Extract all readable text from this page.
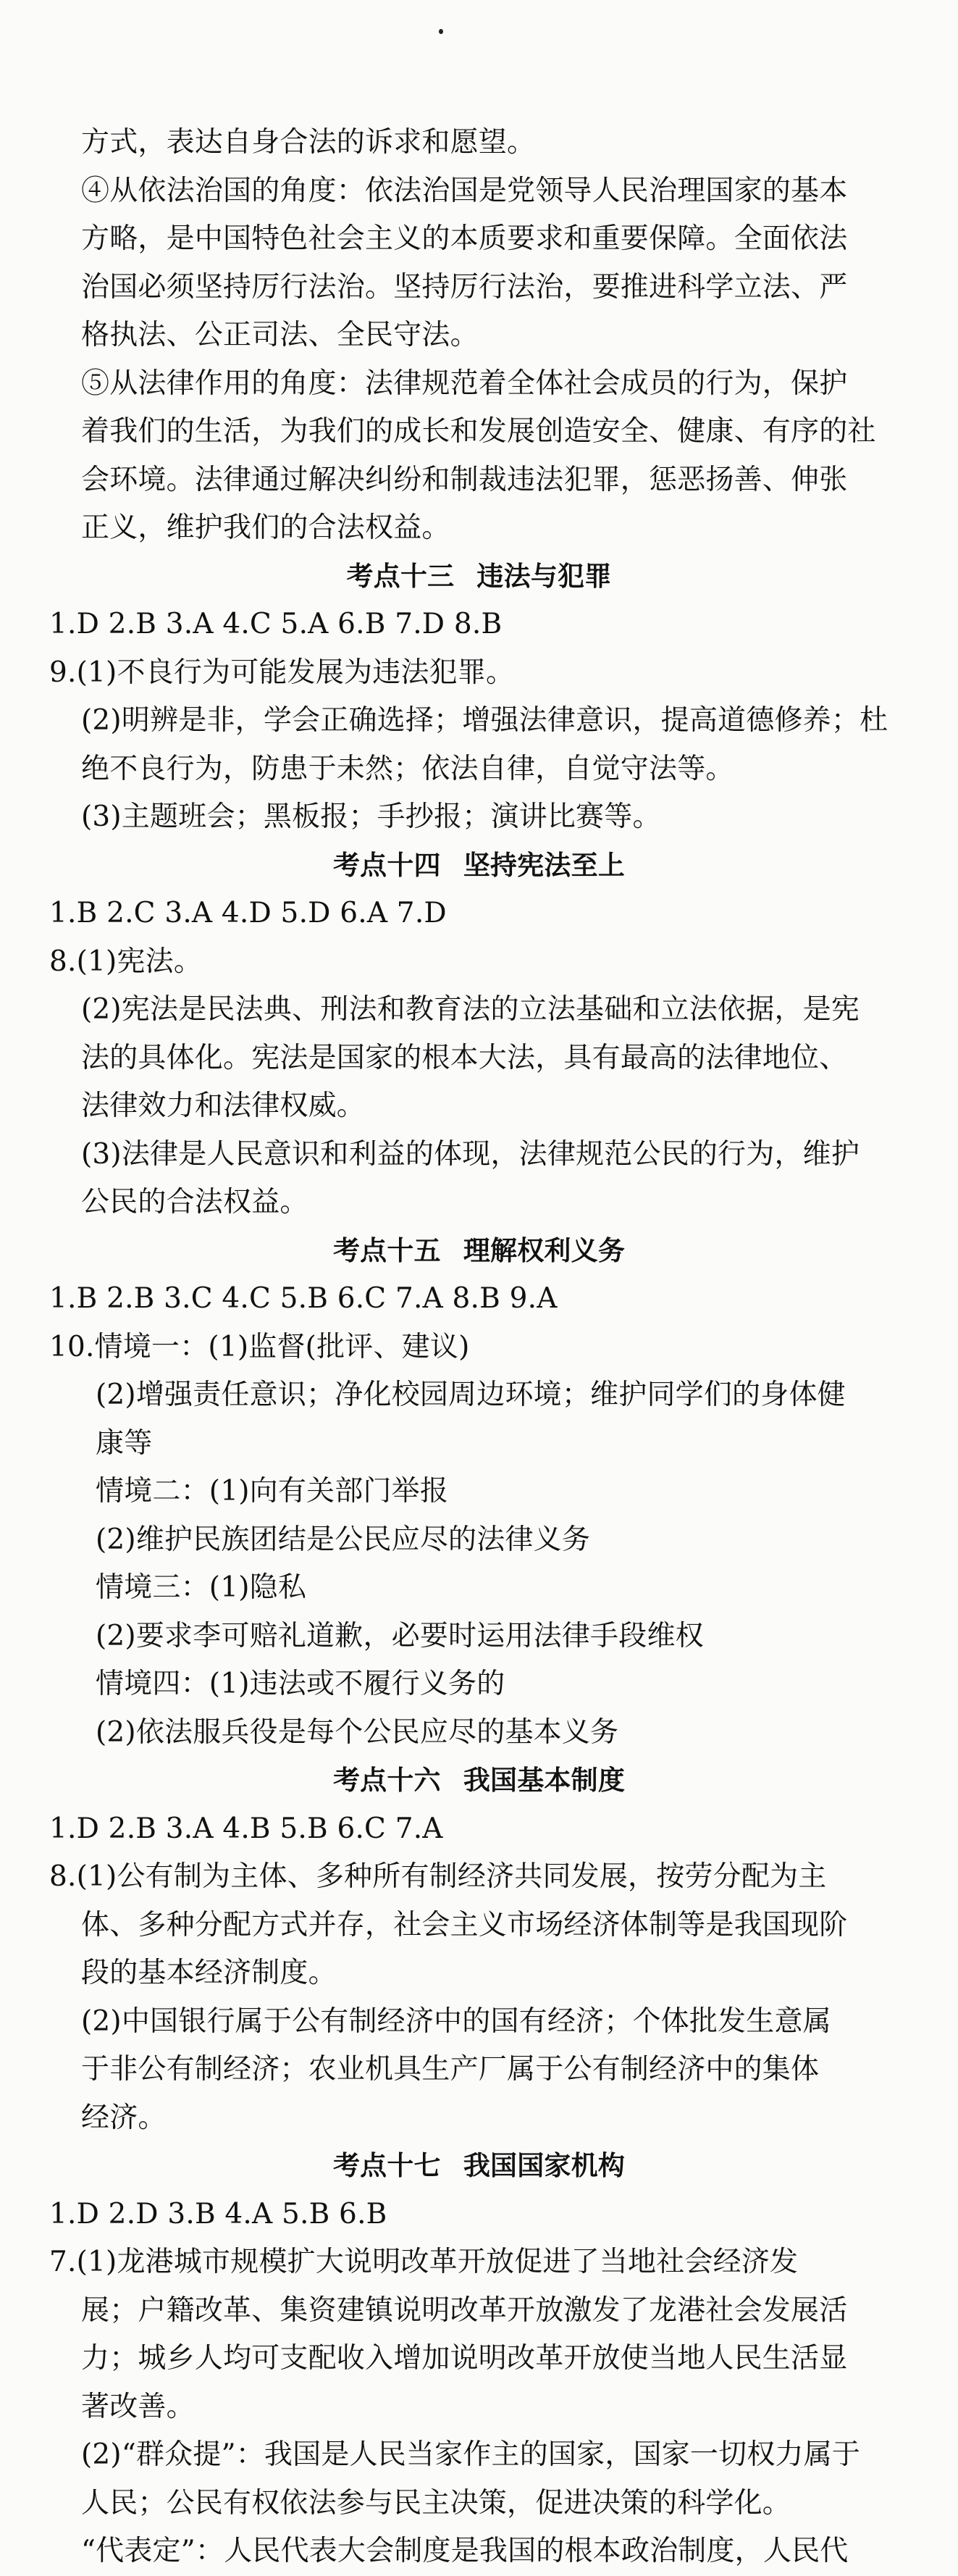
方式，表达自身合法的诉求和愿望。
④从依法治国的角度：依法治国是党领导人民治理国家的基本
方略，是中国特色社会主义的本质要求和重要保障。全面依法
治国必须坚持厉行法治。坚持厉行法治，要推进科学立法、严
格执法、公正司法、全民守法。
⑤从法律作用的角度：法律规范着全体社会成员的行为，保护
着我们的生活，为我们的成长和发展创造安全、健康、有序的社
会环境。法律通过解决纠纷和制裁违法犯罪，惩恶扬善、伸张
正义，维护我们的合法权益。
考点十三 违法与犯罪
1.D 2.B 3.A 4.C 5.A 6.B 7.D 8.B
9.(1)不良行为可能发展为违法犯罪。
(2)明辨是非，学会正确选择；增强法律意识，提高道德修养；杜
绝不良行为，防患于未然；依法自律，自觉守法等。
(3)主题班会；黑板报；手抄报；演讲比赛等。
考点十四 坚持宪法至上
1.B 2.C 3.A 4.D 5.D 6.A 7.D
8.(1)宪法。
(2)宪法是民法典、刑法和教育法的立法基础和立法依据，是宪
法的具体化。宪法是国家的根本大法，具有最高的法律地位、
法律效力和法律权威。
(3)法律是人民意识和利益的体现，法律规范公民的行为，维护
公民的合法权益。
考点十五 理解权利义务
1.B 2.B 3.C 4.C 5.B 6.C 7.A 8.B 9.A
10.情境一：(1)监督(批评、建议)
(2)增强责任意识；净化校园周边环境；维护同学们的身体健
康等
情境二：(1)向有关部门举报
(2)维护民族团结是公民应尽的法律义务
情境三：(1)隐私
(2)要求李可赔礼道歉，必要时运用法律手段维权
情境四：(1)违法或不履行义务的
(2)依法服兵役是每个公民应尽的基本义务
考点十六 我国基本制度
1.D 2.B 3.A 4.B 5.B 6.C 7.A
8.(1)公有制为主体、多种所有制经济共同发展，按劳分配为主
体、多种分配方式并存，社会主义市场经济体制等是我国现阶
段的基本经济制度。
(2)中国银行属于公有制经济中的国有经济；个体批发生意属
于非公有制经济；农业机具生产厂属于公有制经济中的集体
经济。
考点十七 我国国家机构
1.D 2.D 3.B 4.A 5.B 6.B
7.(1)龙港城市规模扩大说明改革开放促进了当地社会经济发
展；户籍改革、集资建镇说明改革开放激发了龙港社会发展活
力；城乡人均可支配收入增加说明改革开放使当地人民生活显
著改善。
(2)“群众提”：我国是人民当家作主的国家，国家一切权力属于
人民；公民有权依法参与民主决策，促进决策的科学化。
“代表定”：人民代表大会制度是我国的根本政治制度，人民代
